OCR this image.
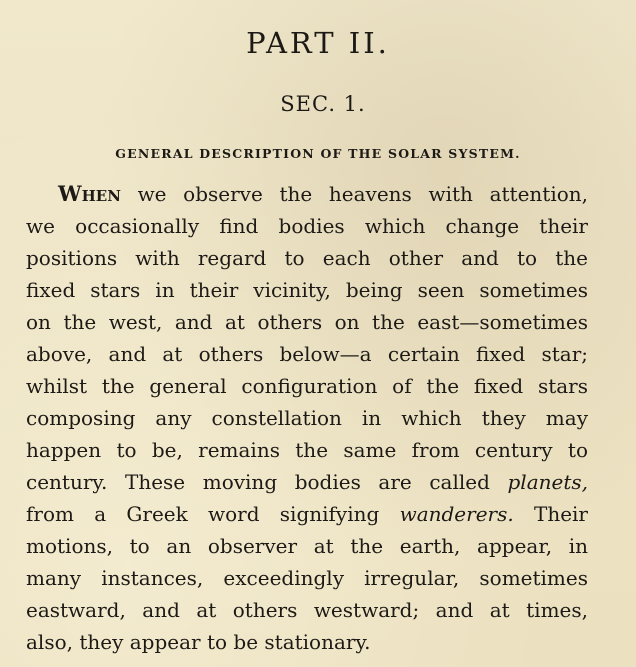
PART II.
SEC. 1.
GENERAL DESCRIPTION OF THE SOLAR SYSTEM.
When we observe the heavens with attention,
we occasionally find bodies which change their
positions with regard to each other and to the
fixed stars in their vicinity, being seen sometimes
on the west, and at others on the east—sometimes
above, and at others below—a certain fixed star;
whilst the general configuration of the fixed stars
composing any constellation in which they may
happen to be, remains the same from century to
century. These moving bodies are called planets,
from a Greek word signifying wanderers. Their
motions, to an observer at the earth, appear, in
many instances, exceedingly irregular, sometimes
eastward, and at others westward; and at times,
also, they appear to be stationary.
